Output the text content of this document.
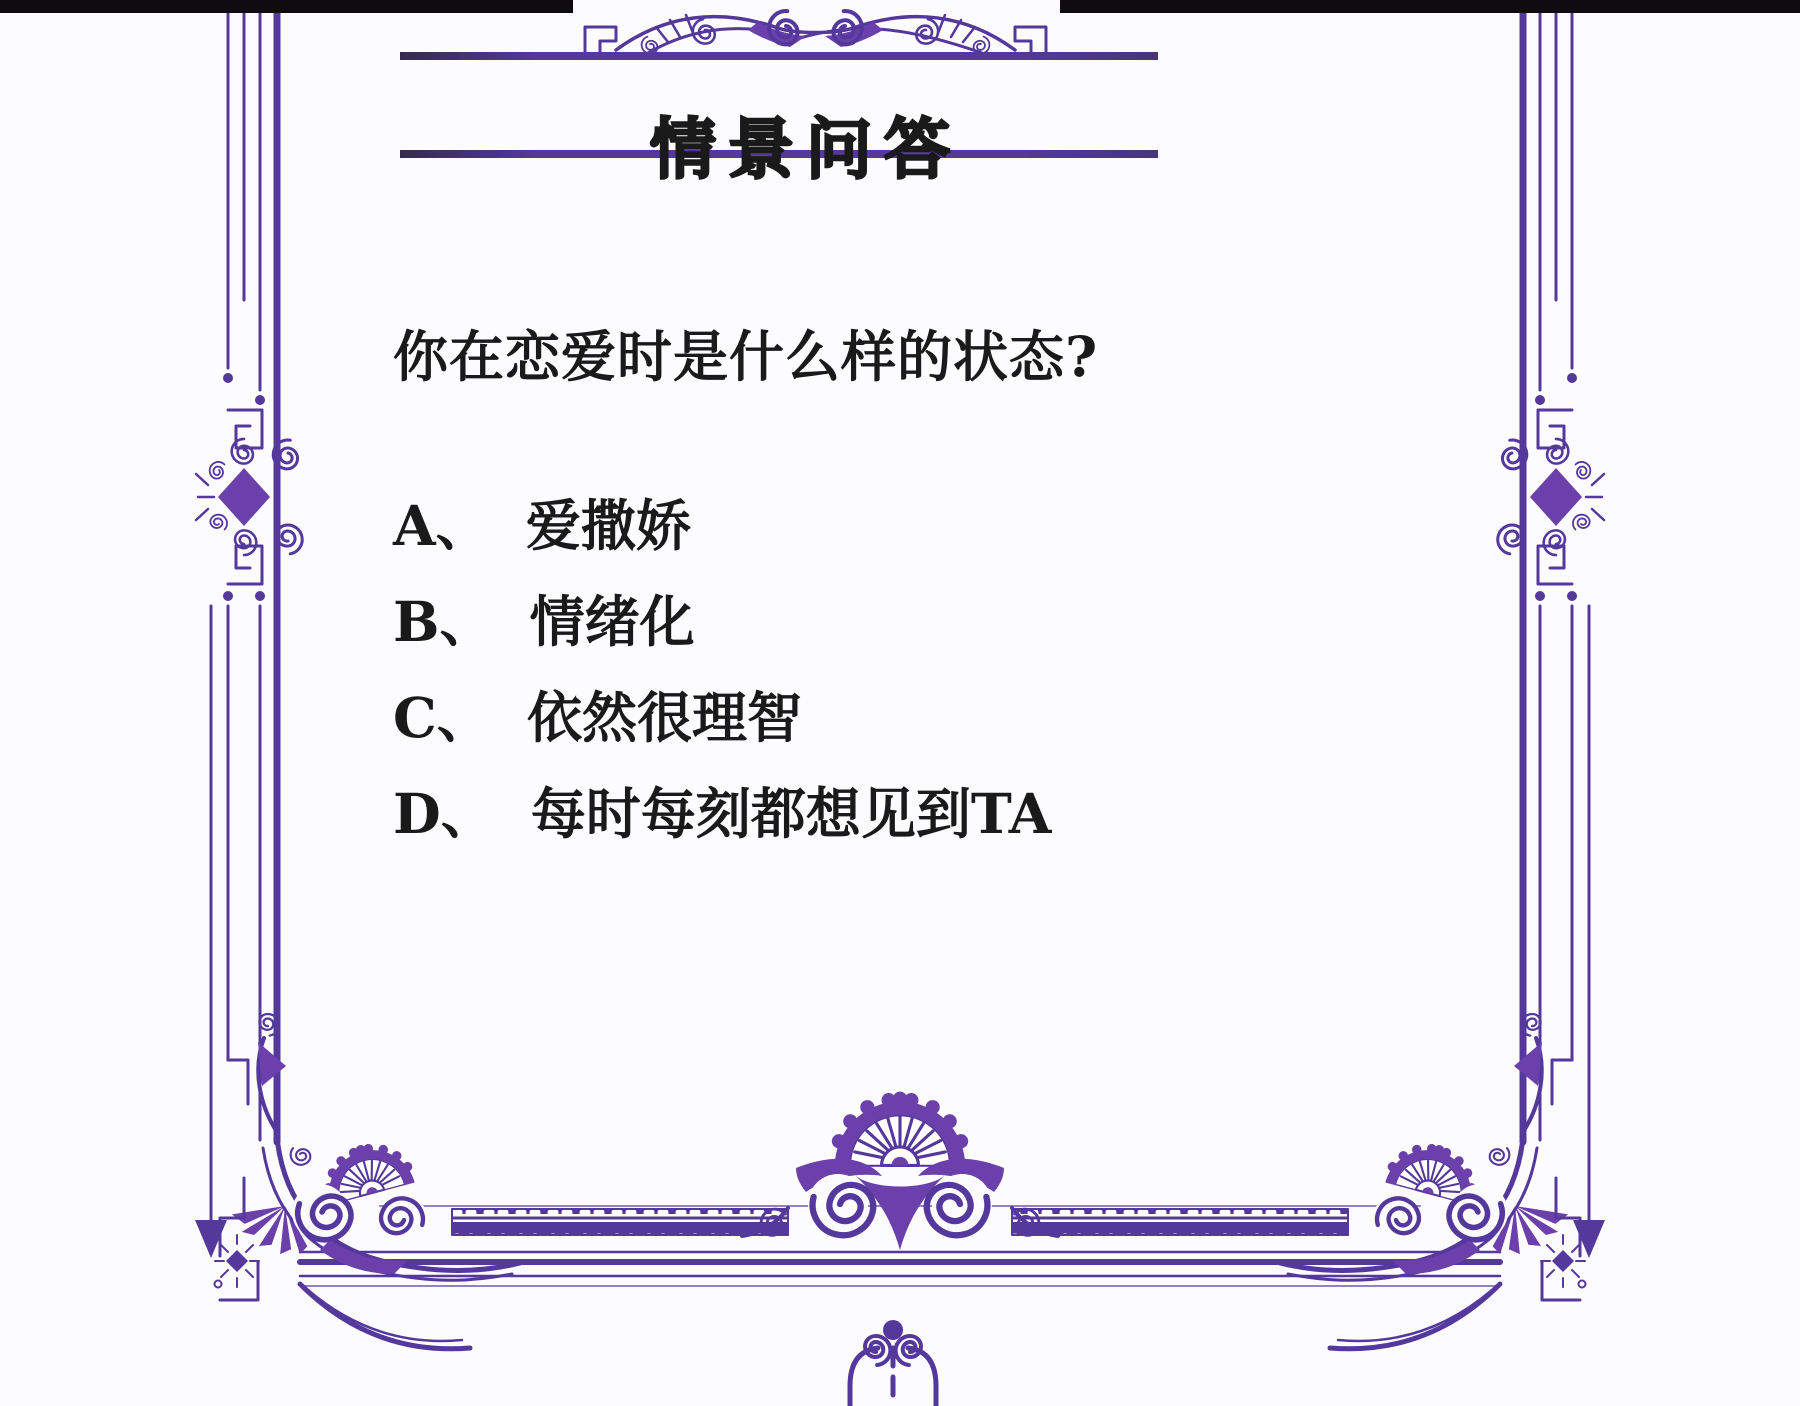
情景问答
你在恋爱时是什么样的状态?
A、 爱撒娇
B、 情绪化
C、 依然很理智
D、 每时每刻都想见到TA
